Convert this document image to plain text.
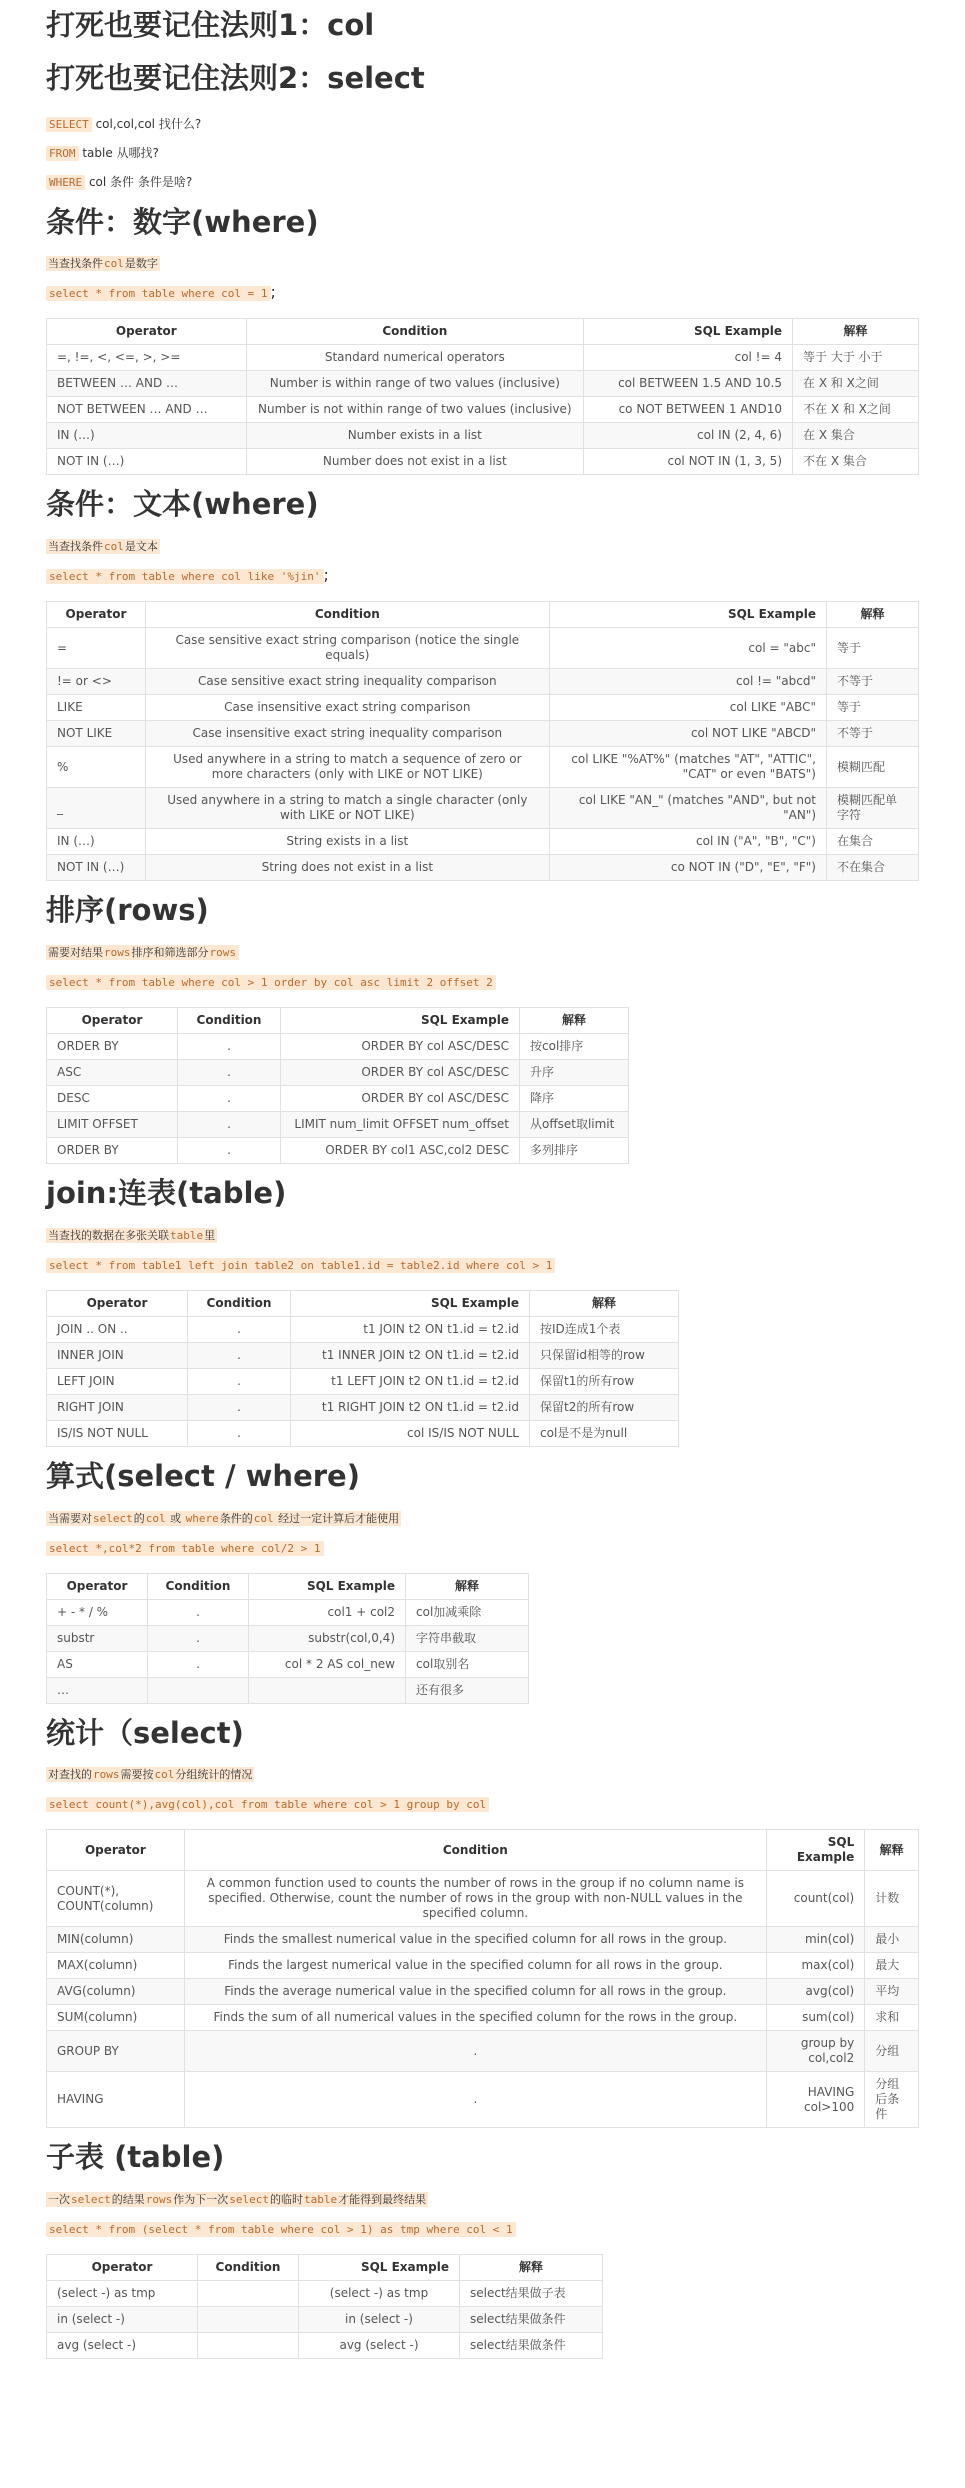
打死也要记住法则1：col
打死也要记住法则2：select

SELECT col,col,col 找什么?

FROM table 从哪找?

WHERE col 条件 条件是啥?

条件：数字(where)

当查找条件col是数字

select * from table where col = 1 ;

Operator	Condition	SQL Example	解释
=, !=, <, <=, >, >=	Standard numerical operators	col != 4	等于 大于 小于
BETWEEN … AND …	Number is within range of two values (inclusive)	col BETWEEN 1.5 AND 10.5	在 X 和 X之间
NOT BETWEEN … AND …	Number is not within range of two values (inclusive)	co NOT BETWEEN 1 AND10	不在 X 和 X之间
IN (…)	Number exists in a list	col IN (2, 4, 6)	在 X 集合
NOT IN (…)	Number does not exist in a list	col NOT IN (1, 3, 5)	不在 X 集合
条件：文本(where)

当查找条件col是文本

select * from table where col like '%jin' ;

Operator	Condition	SQL Example	解释
=	Case sensitive exact string comparison (notice the single equals)	col = "abc"	等于
!= or <>	Case sensitive exact string inequality comparison	col != "abcd"	不等于
LIKE	Case insensitive exact string comparison	col LIKE "ABC"	等于
NOT LIKE	Case insensitive exact string inequality comparison	col NOT LIKE "ABCD"	不等于
%	Used anywhere in a string to match a sequence of zero or more characters (only with LIKE or NOT LIKE)	col LIKE "%AT%" (matches "AT", "ATTIC", "CAT" or even "BATS")	模糊匹配
_	Used anywhere in a string to match a single character (only with LIKE or NOT LIKE)	col LIKE "AN_" (matches "AND", but not "AN")	模糊匹配单字符
IN (…)	String exists in a list	col IN ("A", "B", "C")	在集合
NOT IN (…)	String does not exist in a list	co NOT IN ("D", "E", "F")	不在集合
排序(rows)

需要对结果rows排序和筛选部分rows

select * from table where col > 1 order by col asc limit 2 offset 2

Operator	Condition	SQL Example	解释
ORDER BY	.	ORDER BY col ASC/DESC	按col排序
ASC	.	ORDER BY col ASC/DESC	升序
DESC	.	ORDER BY col ASC/DESC	降序
LIMIT OFFSET	.	LIMIT num_limit OFFSET num_offset	从offset取limit
ORDER BY	.	ORDER BY col1 ASC,col2 DESC	多列排序
join:连表(table)

当查找的数据在多张关联table里

select * from table1 left join table2 on table1.id = table2.id where col > 1

Operator	Condition	SQL Example	解释
JOIN .. ON ..	.	t1 JOIN t2 ON t1.id = t2.id	按ID连成1个表
INNER JOIN	.	t1 INNER JOIN t2 ON t1.id = t2.id	只保留id相等的row
LEFT JOIN	.	t1 LEFT JOIN t2 ON t1.id = t2.id	保留t1的所有row
RIGHT JOIN	.	t1 RIGHT JOIN t2 ON t1.id = t2.id	保留t2的所有row
IS/IS NOT NULL	.	col IS/IS NOT NULL	col是不是为null
算式(select / where)

当需要对select的col 或 where条件的col 经过一定计算后才能使用

select *,col*2 from table where col/2 > 1

Operator	Condition	SQL Example	解释
+ - * / %	.	col1 + col2	col加减乘除
substr	.	substr(col,0,4)	字符串截取
AS	.	col * 2 AS col_new	col取别名
…			还有很多
统计（select)

对查找的rows需要按col分组统计的情况

select count(*),avg(col),col from table where col > 1 group by col

Operator	Condition	SQL Example	解释
COUNT(*), COUNT(column)	A common function used to counts the number of rows in the group if no column name is specified. Otherwise, count the number of rows in the group with non-NULL values in the specified column.	count(col)	计数
MIN(column)	Finds the smallest numerical value in the specified column for all rows in the group.	min(col)	最小
MAX(column)	Finds the largest numerical value in the specified column for all rows in the group.	max(col)	最大
AVG(column)	Finds the average numerical value in the specified column for all rows in the group.	avg(col)	平均
SUM(column)	Finds the sum of all numerical values in the specified column for the rows in the group.	sum(col)	求和
GROUP BY	.	group by col,col2	分组
HAVING	.	HAVING col>100	分组后条件
子表 (table)

一次select的结果rows作为下一次select的临时table才能得到最终结果

select * from (select * from table where col > 1) as tmp where col < 1

Operator	Condition	SQL Example	解释
(select -) as tmp		(select -) as tmp	select结果做子表
in (select -)		in (select -)	select结果做条件
avg (select -)		avg (select -)	select结果做条件
